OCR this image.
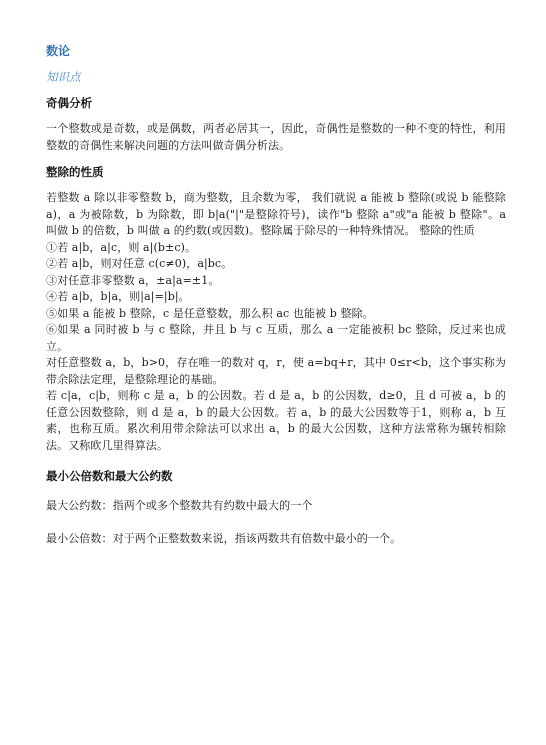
数论
知识点
奇偶分析

一个整数或是奇数，或是偶数，两者必居其一，因此，奇偶性是整数的一种不变的特性，利用整数的奇偶性来解决问题的方法叫做奇偶分析法。

整除的性质

若整数 a 除以非零整数 b，商为整数，且余数为零， 我们就说 a 能被 b 整除(或说 b 能整除 a)，a 为被除数，b 为除数，即 b|a("|"是整除符号)，读作"b 整除 a"或"a 能被 b 整除"。a 叫做 b 的倍数，b 叫做 a 的约数(或因数)。整除属于除尽的一种特殊情况。 整除的性质

①若 a|b，a|c，则 a|(b±c)。

②若 a|b，则对任意 c(c≠0)，a|bc。

③对任意非零整数 a，±a|a=±1。

④若 a|b，b|a，则|a|=|b|。

⑤如果 a 能被 b 整除，c 是任意整数，那么积 ac 也能被 b 整除。

⑥如果 a 同时被 b 与 c 整除，并且 b 与 c 互质，那么 a 一定能被积 bc 整除，反过来也成立。

对任意整数 a，b，b>0，存在唯一的数对 q，r，使 a=bq+r，其中 0≤r<b，这个事实称为带余除法定理，是整除理论的基础。

若 c|a，c|b，则称 c 是 a，b 的公因数。若 d 是 a，b 的公因数，d≥0，且 d 可被 a，b 的任意公因数整除，则 d 是 a，b 的最大公因数。若 a，b 的最大公因数等于1，则称 a，b 互素，也称互质。累次利用带余除法可以求出 a，b 的最大公因数，这种方法常称为辗转相除法。又称欧几里得算法。

最小公倍数和最大公约数

最大公约数：指两个或多个整数共有约数中最大的一个

最小公倍数：对于两个正整数数来说，指该两数共有倍数中最小的一个。
